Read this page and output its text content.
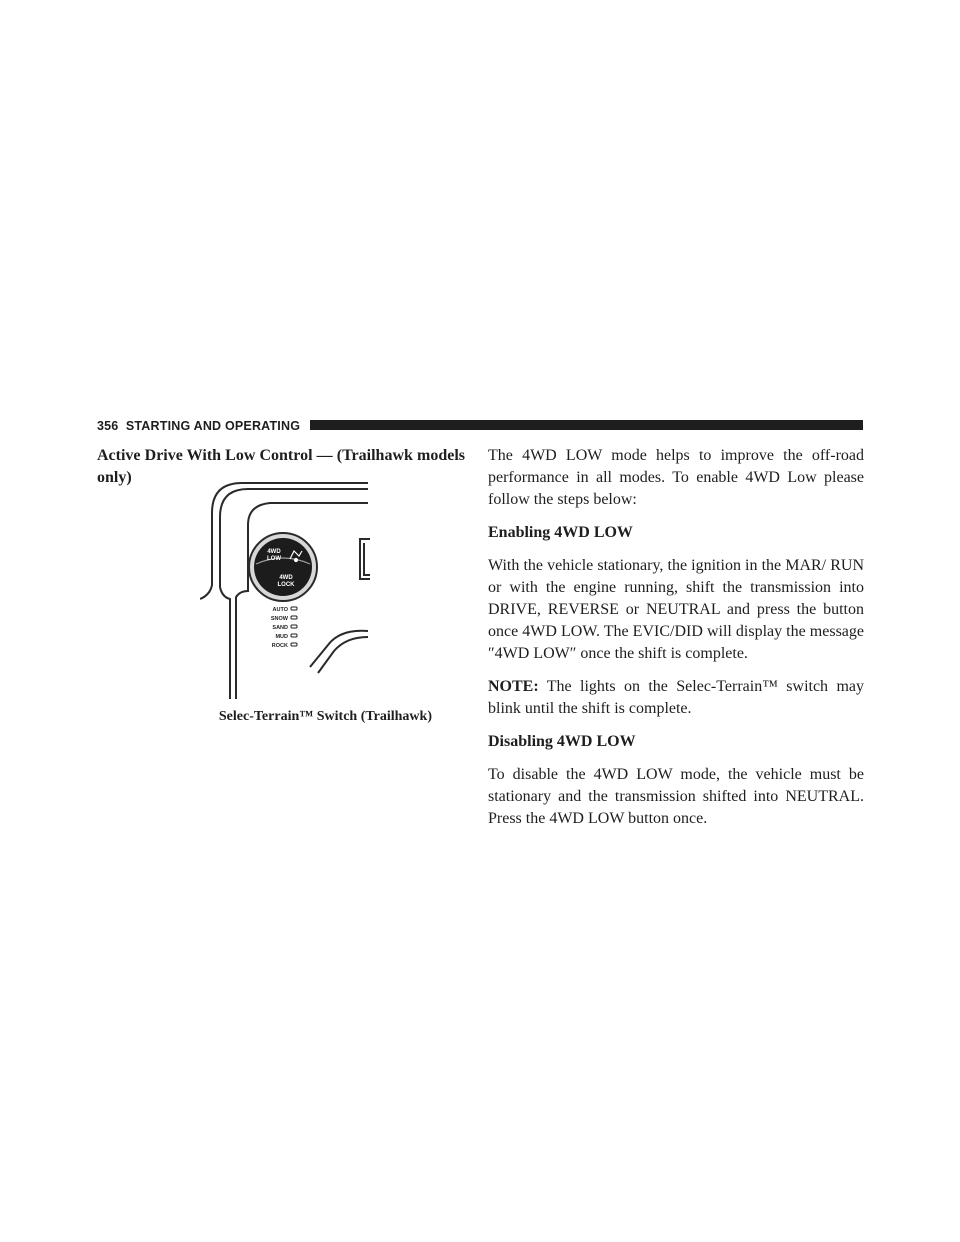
356 STARTING AND OPERATING

Active Drive With Low Control — (Trailhawk models only)

4WD
LOW
4WD
LOCK
AUTO
SNOW
SAND
MUD
ROCK
Selec-Terrain™ Switch (Trailhawk)

The 4WD LOW mode helps to improve the off-road performance in all modes. To enable 4WD Low please follow the steps below:

Enabling 4WD LOW

With the vehicle stationary, the ignition in the MAR/ RUN or with the engine running, shift the transmission into DRIVE, REVERSE or NEUTRAL and press the button once 4WD LOW. The EVIC/DID will display the message ″4WD LOW″ once the shift is complete.

NOTE: The lights on the Selec-Terrain™ switch may blink until the shift is complete.

Disabling 4WD LOW

To disable the 4WD LOW mode, the vehicle must be stationary and the transmission shifted into NEUTRAL. Press the 4WD LOW button once.
